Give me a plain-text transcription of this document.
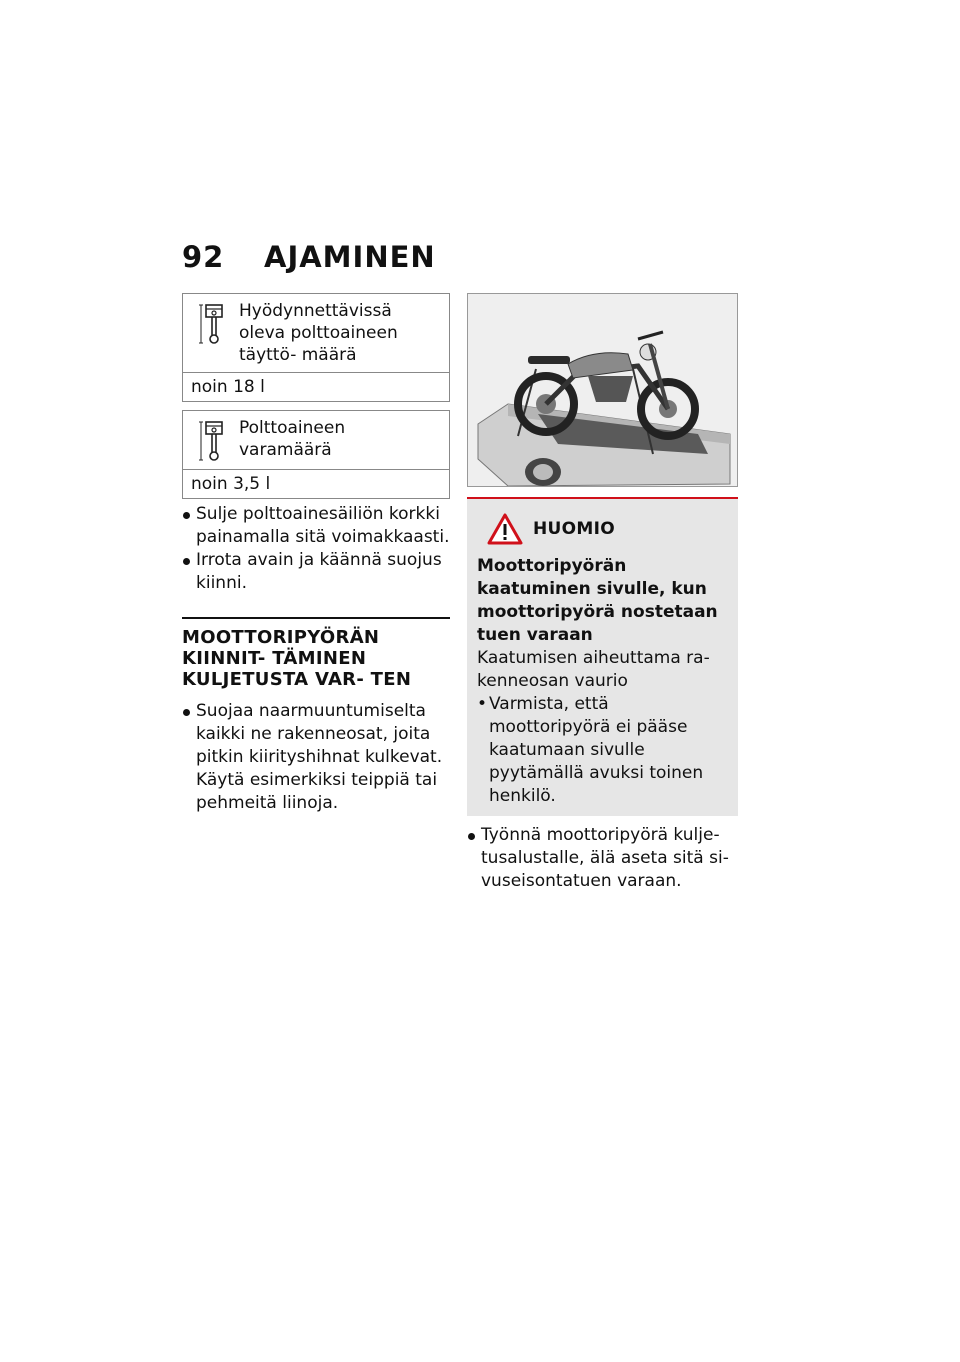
92 AJAMINEN
Hyödynnettävissä oleva polttoaineen täyttö- määrä
noin 18 l
Polttoaineen varamäärä
noin 3,5 l
Sulje polttoainesäiliön korkki painamalla sitä voimakkaasti.
Irrota avain ja käännä suojus kiinni.
MOOTTORIPYÖRÄN KIINNIT- TÄMINEN KULJETUSTA VAR- TEN
Suojaa naarmuuntumiselta kaikki ne rakenneosat, joita pitkin kiirityshihnat kulkevat. Käytä esimerkiksi teippiä tai pehmeitä liinoja.
HUOMIO
Moottoripyörän kaatuminen sivulle, kun moottoripyörä nostetaan tuen varaan
Kaatumisen aiheuttama ra- kenneosan vaurio
• Varmista, että moottoripyörä ei pääse kaatumaan sivulle pyytämällä avuksi toinen henkilö.
Työnnä moottoripyörä kulje- tusalustalle, älä aseta sitä si- vuseisontatuen varaan.
